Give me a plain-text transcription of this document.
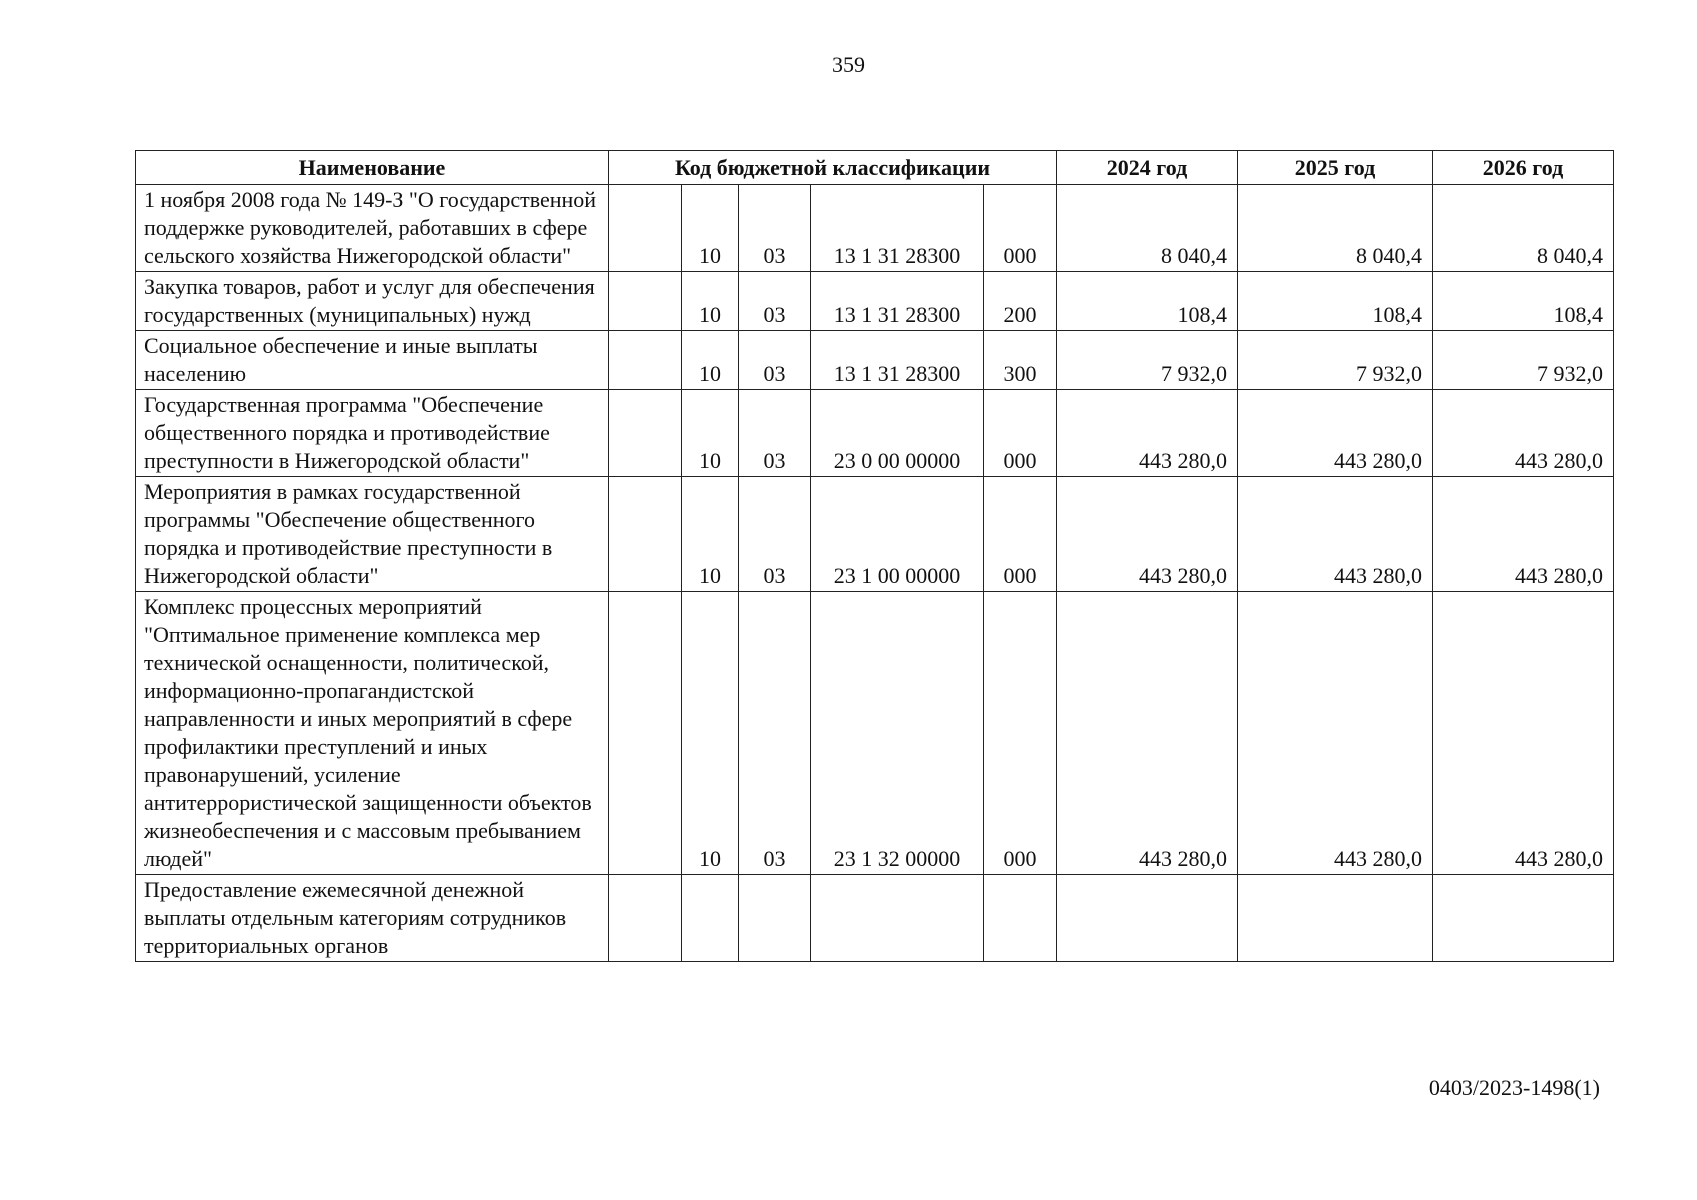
359
Наименование	Код бюджетной классификации					2024 год	2025 год	2026 год
1 ноября 2008 года № 149-З "О государственной поддержке руководителей, работавших в сфере сельского хозяйства Нижегородской области"		10	03	13 1 31 28300	000	8 040,4	8 040,4	8 040,4
Закупка товаров, работ и услуг для обеспечения государственных (муниципальных) нужд		10	03	13 1 31 28300	200	108,4	108,4	108,4
Социальное обеспечение и иные выплаты населению		10	03	13 1 31 28300	300	7 932,0	7 932,0	7 932,0
Государственная программа "Обеспечение общественного порядка и противодействие преступности в Нижегородской области"		10	03	23 0 00 00000	000	443 280,0	443 280,0	443 280,0
Мероприятия в рамках государственной программы "Обеспечение общественного порядка и противодействие преступности в Нижегородской области"		10	03	23 1 00 00000	000	443 280,0	443 280,0	443 280,0
Комплекс процессных мероприятий "Оптимальное применение комплекса мер технической оснащенности, политической, информационно-пропагандистской направленности и иных мероприятий в сфере профилактики преступлений и иных правонарушений, усиление антитеррористической защищенности объектов жизнеобеспечения и с массовым пребыванием людей"		10	03	23 1 32 00000	000	443 280,0	443 280,0	443 280,0
Предоставление ежемесячной денежной выплаты отдельным категориям сотрудников территориальных органов								
0403/2023-1498(1)
